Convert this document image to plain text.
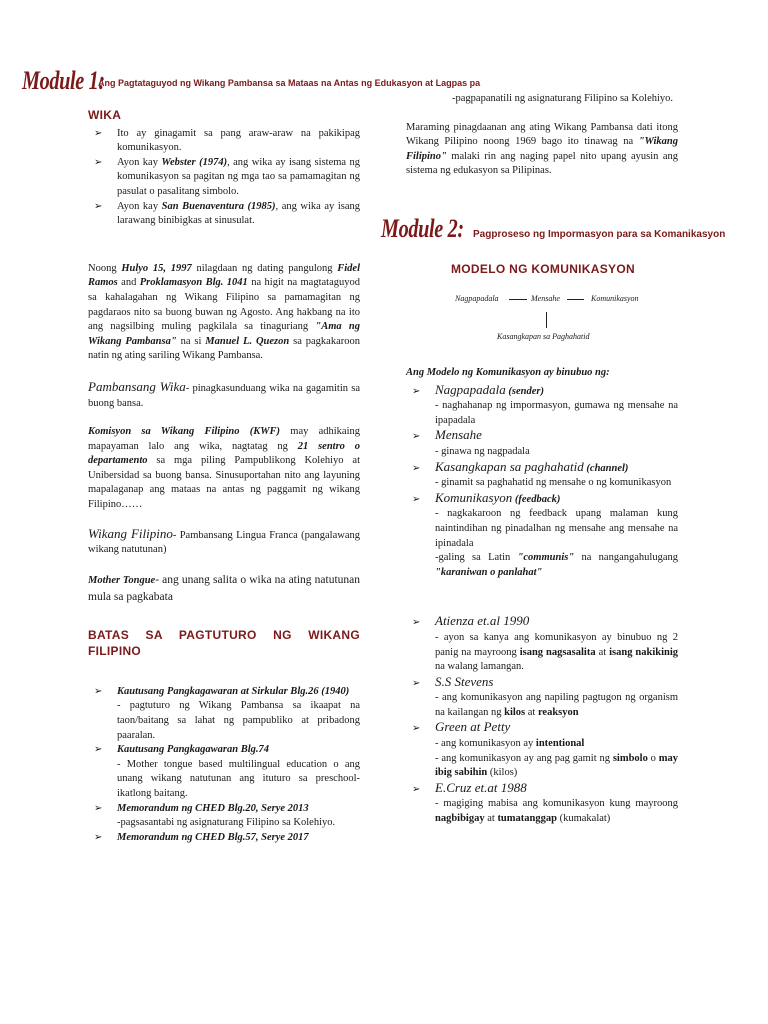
Module 1:
Ang Pagtataguyod ng Wikang Pambansa sa Mataas na Antas ng Edukasyon at Lagpas pa
WIKA
➢ Ito ay ginagamit sa pang araw-araw na pakikipag komunikasyon.
➢ Ayon kay Webster (1974), ang wika ay isang sistema ng komunikasyon sa pagitan ng mga tao sa pamamagitan ng pasulat o pasalitang simbolo.
➢ Ayon kay San Buenaventura (1985), ang wika ay isang larawang binibigkas at sinusulat.

Noong Hulyo 15, 1997 nilagdaan ng dating pangulong Fidel Ramos and Proklamasyon Blg. 1041 na higit na magtataguyod sa kahalagahan ng Wikang Filipino sa pamamagitan ng pagdaraos nito sa buong buwan ng Agosto. Ang hakbang na ito ang nagsilbing muling pagkilala sa tinaguriang "Ama ng Wikang Pambansa" na si Manuel L. Quezon sa pagkakaroon natin ng ating sariling Wikang Pambansa.

Pambansang Wika- pinagkasunduang wika na gagamitin sa buong bansa.

Komisyon sa Wikang Filipino (KWF) may adhikaing mapayaman lalo ang wika, nagtatag ng 21 sentro o departamento sa mga piling Pampublikong Kolehiyo at Unibersidad sa buong bansa. Sinusuportahan nito ang layuning mapalaganap ang mataas na antas ng paggamit ng wikang Filipino……

Wikang Filipino- Pambansang Lingua Franca (pangalawang wikang natutunan)

Mother Tongue- ang unang salita o wika na ating natutunan mula sa pagkabata

BATAS SA PAGTUTURO NG WIKANG FILIPINO
➢ Kautusang Pangkagawaran at Sirkular Blg.26 (1940)
- pagtuturo ng Wikang Pambansa sa ikaapat na taon/baitang sa lahat ng pampubliko at pribadong paaralan.
➢ Kautusang Pangkagawaran Blg.74
- Mother tongue based multilingual education o ang unang wikang natutunan ang ituturo sa preschool-ikatlong baitang.
➢ Memorandum ng CHED Blg.20, Serye 2013
-pagsasantabi ng asignaturang Filipino sa Kolehiyo.
➢ Memorandum ng CHED Blg.57, Serye 2017
-pagpapanatili ng asignaturang Filipino sa Kolehiyo.

Maraming pinagdaanan ang ating Wikang Pambansa dati itong Wikang Pilipino noong 1969 bago ito tinawag na "Wikang Filipino" malaki rin ang naging papel nito upang ayusin ang sistema ng edukasyon sa Pilipinas.

Module 2: Pagproseso ng Impormasyon para sa Komanikasyon
MODELO NG KOMUNIKASYON
Nagpapadala	Mensahe	Komunikasyon
Kasangkapan sa Paghahatid
Ang Modelo ng Komunikasyon ay binubuo ng:
➢ Nagpapadala (sender)
- naghahanap ng impormasyon, gumawa ng mensahe na ipapadala
➢ Mensahe
- ginawa ng nagpadala
➢ Kasangkapan sa paghahatid (channel)
- ginamit sa paghahatid ng mensahe o ng komunikasyon
➢ Komunikasyon (feedback)
- nagkakaroon ng feedback upang malaman kung naintindihan ng pinadalhan ng mensahe ang mensahe na ipinadala
-galing sa Latin "communis" na nangangahulugang "karaniwan o panlahat"
➢ Atienza et.al 1990
- ayon sa kanya ang komunikasyon ay binubuo ng 2 panig na mayroong isang nagsasalita at isang nakikinig na walang lamangan.
➢ S.S Stevens
- ang komunikasyon ang napiling pagtugon ng organism na kailangan ng kilos at reaksyon
➢ Green at Petty
- ang komunikasyon ay intentional
- ang komunikasyon ay ang pag gamit ng simbolo o may ibig sabihin (kilos)
➢ E.Cruz et.at 1988
- magiging mabisa ang komunikasyon kung mayroong nagbibigay at tumatanggap (kumakalat)
